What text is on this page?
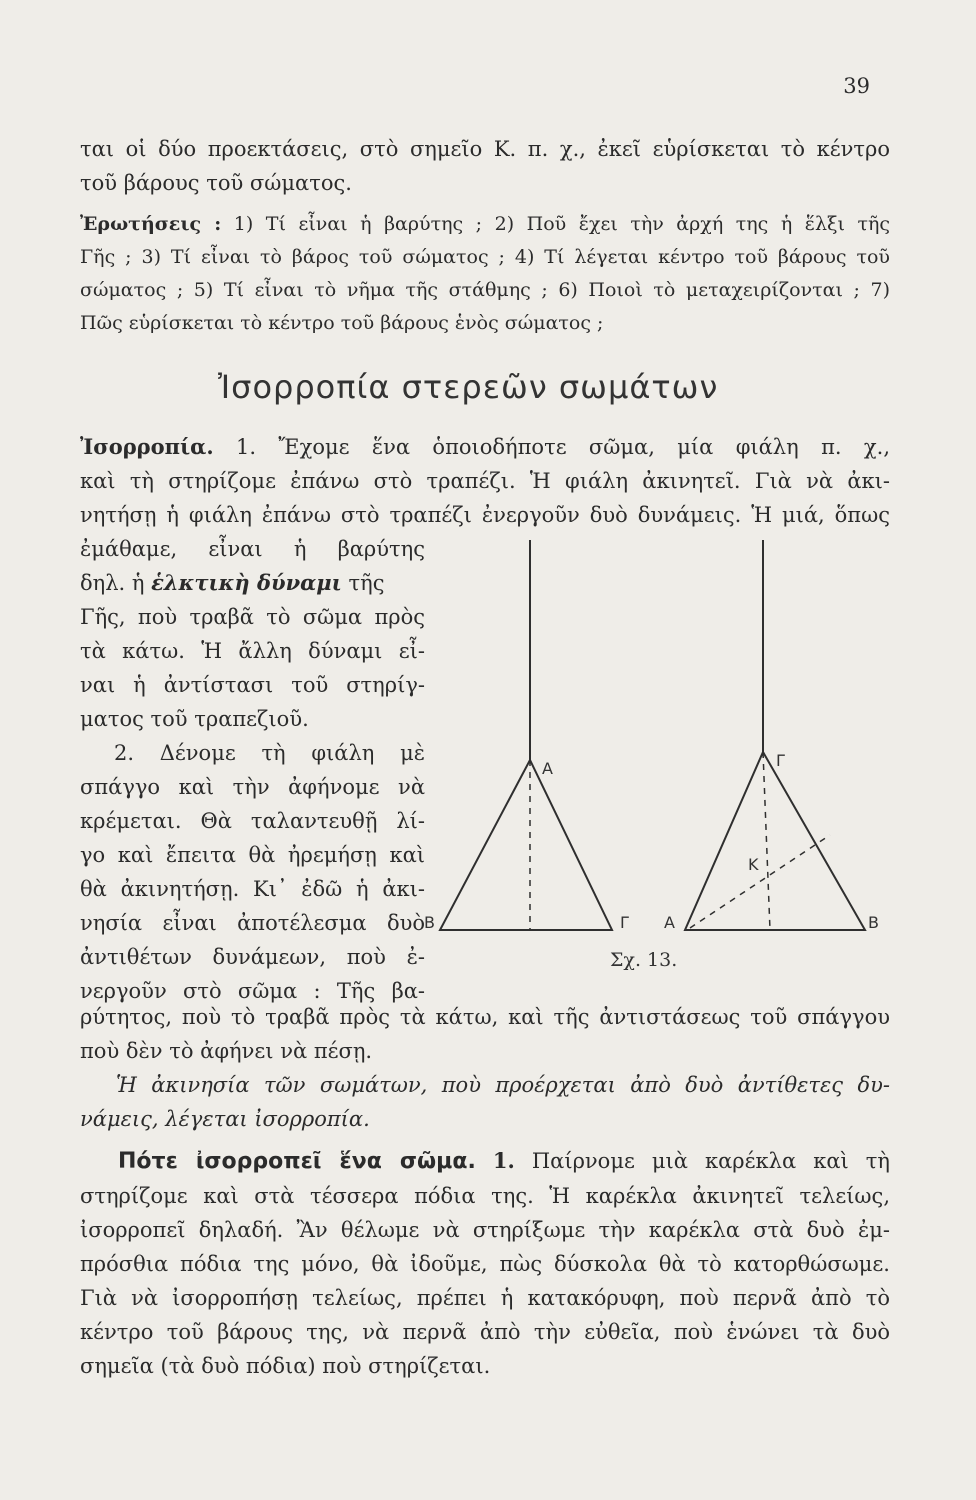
39
ται οἱ δύο προεκτάσεις, στὸ σημεῖο Κ. π. χ., ἐκεῖ εὑρίσκεται τὸ κέντρο
τοῦ βάρους τοῦ σώματος.
Ἐρωτήσεις : 1) Τί εἶναι ἡ βαρύτης ; 2) Ποῦ ἔχει τὴν ἀρχή της ἡ ἕλξι τῆς
Γῆς ; 3) Τί εἶναι τὸ βάρος τοῦ σώματος ; 4) Τί λέγεται κέντρο τοῦ βάρους τοῦ
σώματος ; 5) Τί εἶναι τὸ νῆμα τῆς στάθμης ; 6) Ποιοὶ τὸ μεταχειρίζονται ; 7)
Πῶς εὑρίσκεται τὸ κέντρο τοῦ βάρους ἑνὸς σώματος ;
Ἰσορροπία στερεῶν σωμάτων
Ἰσορροπία. 1. Ἔχομε ἕνα ὁποιοδήποτε σῶμα, μία φιάλη π. χ.,
καὶ τὴ στηρίζομε ἐπάνω στὸ τραπέζι. Ἡ φιάλη ἀκινητεῖ. Γιὰ νὰ ἀκι-
νητήσῃ ἡ φιάλη ἐπάνω στὸ τραπέζι ἐνεργοῦν δυὸ δυνάμεις. Ἡ μιά, ὅπως
ἐμάθαμε, εἶναι ἡ βαρύτης
δηλ. ἡ ἑλκτικὴ δύναμι τῆς
Γῆς, ποὺ τραβᾶ τὸ σῶμα πρὸς
τὰ κάτω. Ἡ ἄλλη δύναμι εἶ-
ναι ἡ ἀντίστασι τοῦ στηρίγ-
ματος τοῦ τραπεζιοῦ.
2. Δένομε τὴ φιάλη μὲ
σπάγγο καὶ τὴν ἀφήνομε νὰ
κρέμεται. Θὰ ταλαντευθῇ λί-
γο καὶ ἔπειτα θὰ ἠρεμήσῃ καὶ
θὰ ἀκινητήσῃ. Κι᾿ ἐδῶ ἡ ἀκι-
νησία εἶναι ἀποτέλεσμα δυὸ
ἀντιθέτων δυνάμεων, ποὺ ἐ-
νεργοῦν στὸ σῶμα : Τῆς βα-
ρύτητος, ποὺ τὸ τραβᾶ πρὸς τὰ κάτω, καὶ τῆς ἀντιστάσεως τοῦ σπάγγου
ποὺ δὲν τὸ ἀφήνει νὰ πέσῃ.
Ἡ ἀκινησία τῶν σωμάτων, ποὺ προέρχεται ἀπὸ δυὸ ἀντίθετες δυ-
νάμεις, λέγεται ἰσορροπία.
Πότε ἰσορροπεῖ ἕνα σῶμα. 1. Παίρνομε μιὰ καρέκλα καὶ τὴ
στηρίζομε καὶ στὰ τέσσερα πόδια της. Ἡ καρέκλα ἀκινητεῖ τελείως,
ἰσορροπεῖ δηλαδή. Ἂν θέλωμε νὰ στηρίξωμε τὴν καρέκλα στὰ δυὸ ἐμ-
πρόσθια πόδια της μόνο, θὰ ἰδοῦμε, πὼς δύσκολα θὰ τὸ κατορθώσωμε.
Γιὰ νὰ ἰσορροπήσῃ τελείως, πρέπει ἡ κατακόρυφη, ποὺ περνᾶ ἀπὸ τὸ
κέντρο τοῦ βάρους της, νὰ περνᾶ ἀπὸ τὴν εὐθεῖα, ποὺ ἑνώνει τὰ δυὸ
σημεῖα (τὰ δυὸ πόδια) ποὺ στηρίζεται.
Α
Β	Γ
Γ
Κ
Α	Β
Σχ. 13.
